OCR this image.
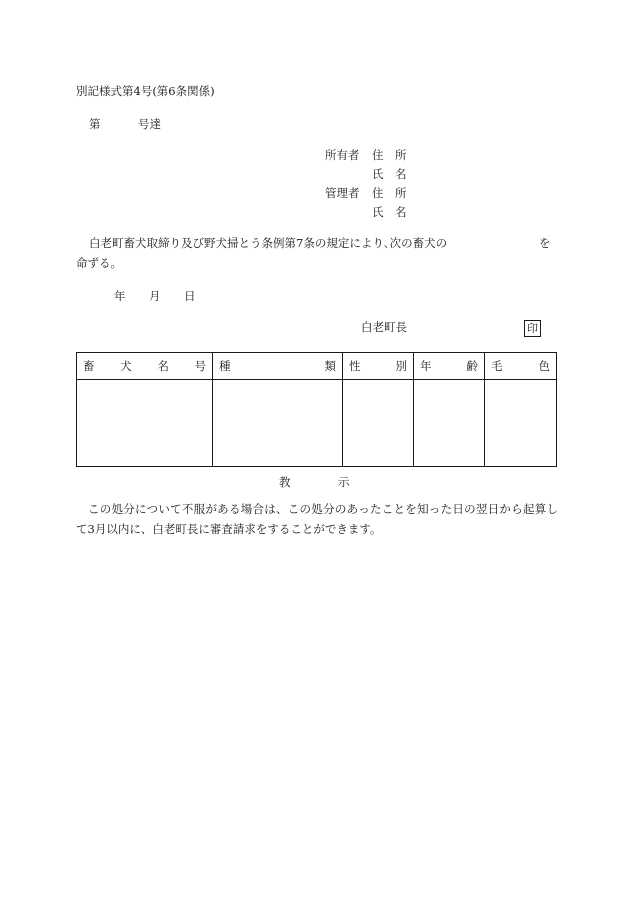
別記様式第4号(第6条関係)
第	号達
所有者 住　所
氏　名
管理者 住　所
氏　名
白老町畜犬取締り及び野犬掃とう条例第7条の規定により､次の畜犬の	を
命ずる。
年 月 日
白老町長	印
畜 犬 名 号	種 類	性 別	年 齢	毛 色

教	示
この処分について不服がある場合は、この処分のあったことを知った日の翌日から起算して3月以内に、白老町長に審査請求をすることができます。
